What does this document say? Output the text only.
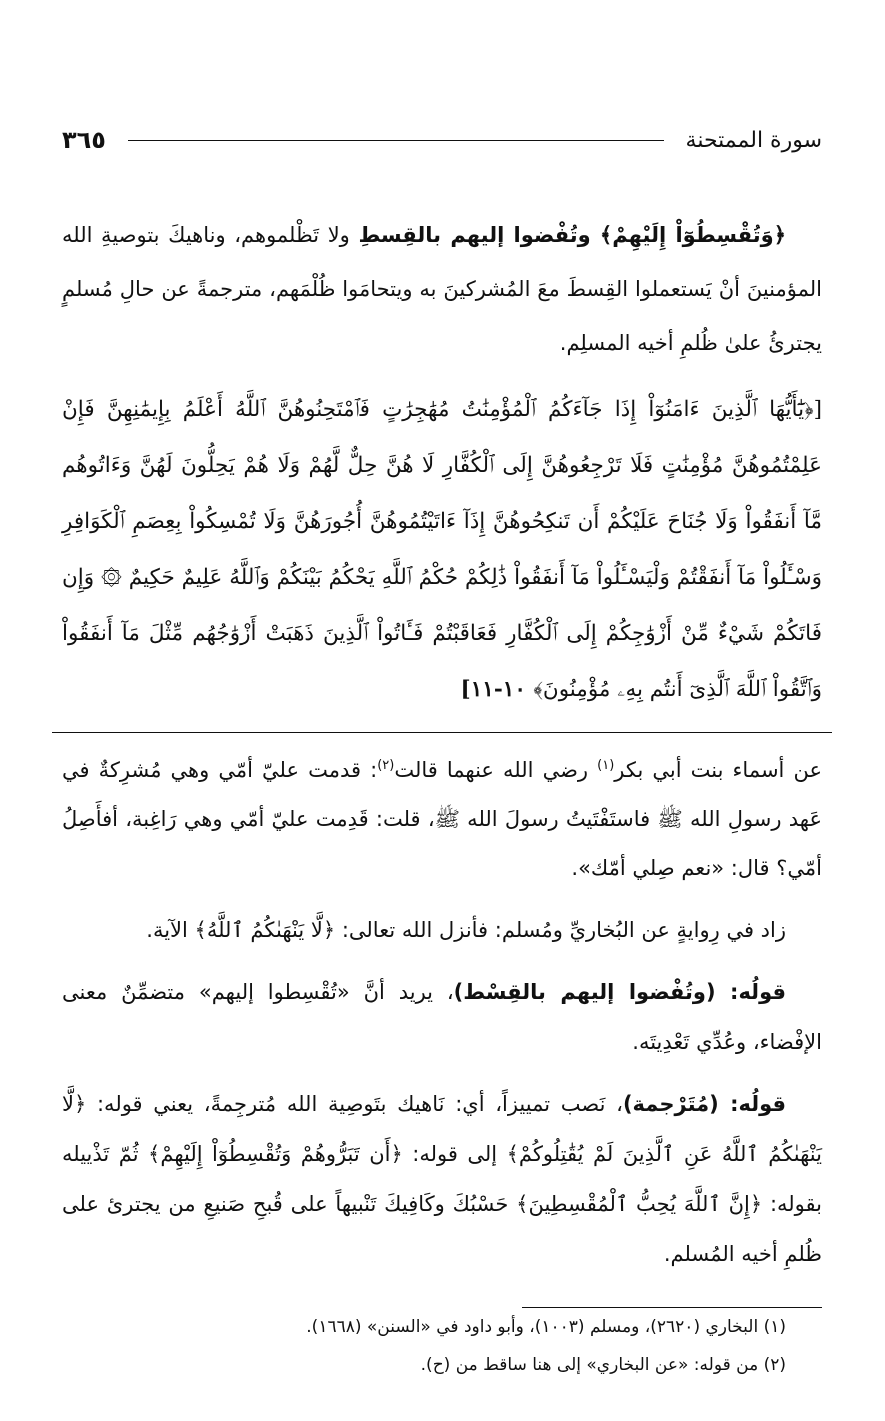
سورة الممتحنة
٣٦٥
﴿وَتُقْسِطُوٓاْ إِلَيْهِمْ﴾ وتُفْضوا إليهم بالقِسطِ ولا تَظْلموهم، وناهيكَ بتوصيةِ الله المؤمنينَ أنْ يَستعملوا القِسطَ معَ المُشركينَ به ويتحامَوا ظُلْمَهم، مترجمةً عن حالِ مُسلمٍ يجترئُ علىٰ ظُلمِ أخيه المسلِم.
[﴿يَٰٓأَيُّهَا ٱلَّذِينَ ءَامَنُوٓاْ إِذَا جَآءَكُمُ ٱلْمُؤْمِنَٰتُ مُهَٰجِرَٰتٍ فَٱمْتَحِنُوهُنَّ ٱللَّهُ أَعْلَمُ بِإِيمَٰنِهِنَّ فَإِنْ عَلِمْتُمُوهُنَّ مُؤْمِنَٰتٍ فَلَا تَرْجِعُوهُنَّ إِلَى ٱلْكُفَّارِ لَا هُنَّ حِلٌّ لَّهُمْ وَلَا هُمْ يَحِلُّونَ لَهُنَّ وَءَاتُوهُم مَّآ أَنفَقُواْ وَلَا جُنَاحَ عَلَيْكُمْ أَن تَنكِحُوهُنَّ إِذَآ ءَاتَيْتُمُوهُنَّ أُجُورَهُنَّ وَلَا تُمْسِكُواْ بِعِصَمِ ٱلْكَوَافِرِ وَسْـَٔلُواْ مَآ أَنفَقْتُمْ وَلْيَسْـَٔلُواْ مَآ أَنفَقُواْ ذَٰلِكُمْ حُكْمُ ٱللَّهِ يَحْكُمُ بَيْنَكُمْ وَٱللَّهُ عَلِيمٌ حَكِيمٌ ۞ وَإِن فَاتَكُمْ شَيْءٌ مِّنْ أَزْوَٰجِكُمْ إِلَى ٱلْكُفَّارِ فَعَاقَبْتُمْ فَـَٔاتُواْ ٱلَّذِينَ ذَهَبَتْ أَزْوَٰجُهُم مِّثْلَ مَآ أَنفَقُواْ وَٱتَّقُواْ ٱللَّهَ ٱلَّذِىٓ أَنتُم بِهِۦ مُؤْمِنُونَ﴾ ١٠-١١]
عن أسماء بنت أبي بكر$^{(١)}$ رضي الله عنهما قالت$^{(٢)}$: قدمت عليّ أمّي وهي مُشرِكةٌ في عَهد رسولِ الله ﷺ فاستَفْتَيتُ رسولَ الله ﷺ، قلت: قَدِمت عليّ أمّي وهي رَاغِبة، أفأَصِلُ أمّي؟ قال: «نعم صِلي أمّك».
زاد في رِوايةٍ عن البُخاريِّ ومُسلم: فأنزل الله تعالى: ﴿لَّا يَنْهَىٰكُمُ ٱللَّهُ﴾ الآية.
قولُه: (وتُفْضوا إليهم بالقِسْط)، يريد أنَّ «تُقْسِطوا إليهم» متضمِّنٌ معنى الإفْضاء، وعُدِّي تَعْدِيتَه.
قولُه: (مُتَرْجمة)، نَصب تمييزاً، أي: نَاهيك بتَوصِية الله مُترجِمةً، يعني قوله: ﴿لَّا يَنْهَىٰكُمُ ٱللَّهُ عَنِ ٱلَّذِينَ لَمْ يُقَٰتِلُوكُمْ﴾ إلى قوله: ﴿أَن تَبَرُّوهُمْ وَتُقْسِطُوٓاْ إِلَيْهِمْ﴾ ثُمّ تَذْييله بقوله: ﴿إِنَّ ٱللَّهَ يُحِبُّ ٱلْمُقْسِطِينَ﴾ حَسْبُكَ وكَافِيكَ تَنْبيهاً على قُبحِ صَنيعِ من يجترئ على ظُلمِ أخيه المُسلم.
(١) البخاري (٢٦٢٠)، ومسلم (١٠٠٣)، وأبو داود في «السنن» (١٦٦٨).
(٢) من قوله: «عن البخاري» إلى هنا ساقط من (ح).
